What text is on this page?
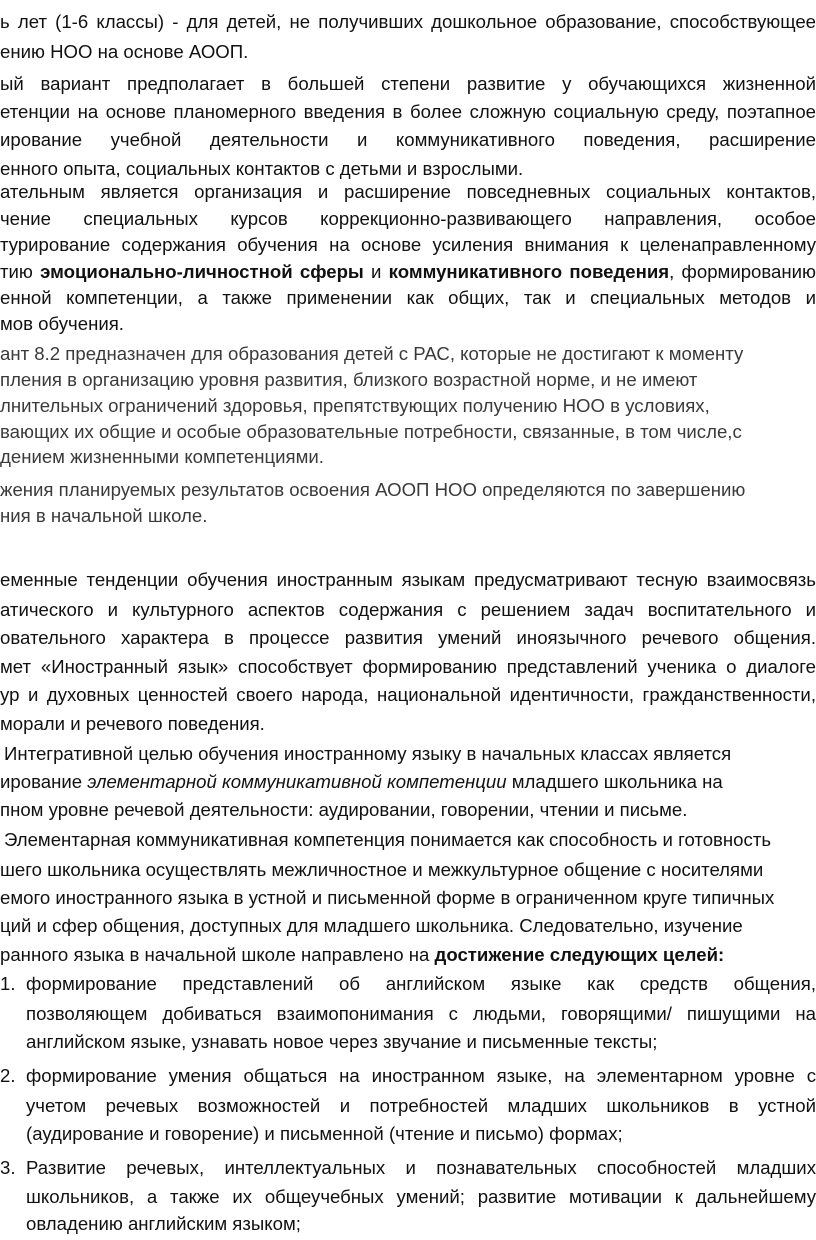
ь лет (1-6 классы) - для детей, не получивших дошкольное образование, способствующее
ению НОО на основе АООП.
ый вариант предполагает в большей степени развитие у обучающихся жизненной
етенции на основе планомерного введения в более сложную социальную среду, поэтапное
ирование учебной деятельности и коммуникативного поведения, расширение
енного опыта, социальных контактов с детьми и взрослыми.
ательным является организация и расширение повседневных социальных контактов,
чение специальных курсов коррекционно-развивающего направления, особое
турирование содержания обучения на основе усиления внимания к целенаправленному
тию эмоционально-личностной сферы и коммуникативного поведения, формированию
енной компетенции, а также применении как общих, так и специальных методов и
мов обучения.
ант 8.2 предназначен для образования детей с РАС, которые не достигают к моменту
пления в организацию уровня развития, близкого возрастной норме, и не имеют
лнительных ограничений здоровья, препятствующих получению НОО в условиях,
вающих их общие и особые образовательные потребности, связанные, в том числе,с
дением жизненными компетенциями.
жения планируемых результатов освоения АООП НОО определяются по завершению
ния в начальной школе.
еменные тенденции обучения иностранным языкам предусматривают тесную взаимосвязь
атического и культурного аспектов содержания с решением задач воспитательного и
овательного характера в процессе развития умений иноязычного речевого общения.
мет «Иностранный язык» способствует формированию представлений ученика о диалоге
ур и духовных ценностей своего народа, национальной идентичности, гражданственности,
морали и речевого поведения.
Интегративной целью обучения иностранному языку в начальных классах является
ирование элементарной коммуникативной компетенции младшего школьника на
пном уровне речевой деятельности: аудировании, говорении, чтении и письме.
Элементарная коммуникативная компетенция понимается как способность и готовность
шего школьника осуществлять межличностное и межкультурное общение с носителями
емого иностранного языка в устной и письменной форме в ограниченном круге типичных
ций и сфер общения, доступных для младшего школьника. Следовательно, изучение
ранного языка в начальной школе направлено на достижение следующих целей:
1. формирование представлений об английском языке как средств общения,
позволяющем добиваться взаимопонимания с людьми, говорящими/ пишущими на
английском языке, узнавать новое через звучание и письменные тексты;
2. формирование умения общаться на иностранном языке, на элементарном уровне с
учетом речевых возможностей и потребностей младших школьников в устной
(аудирование и говорение) и письменной (чтение и письмо) формах;
3. Развитие речевых, интеллектуальных и познавательных способностей младших
школьников, а также их общеучебных умений; развитие мотивации к дальнейшему
овладению английским языком;
